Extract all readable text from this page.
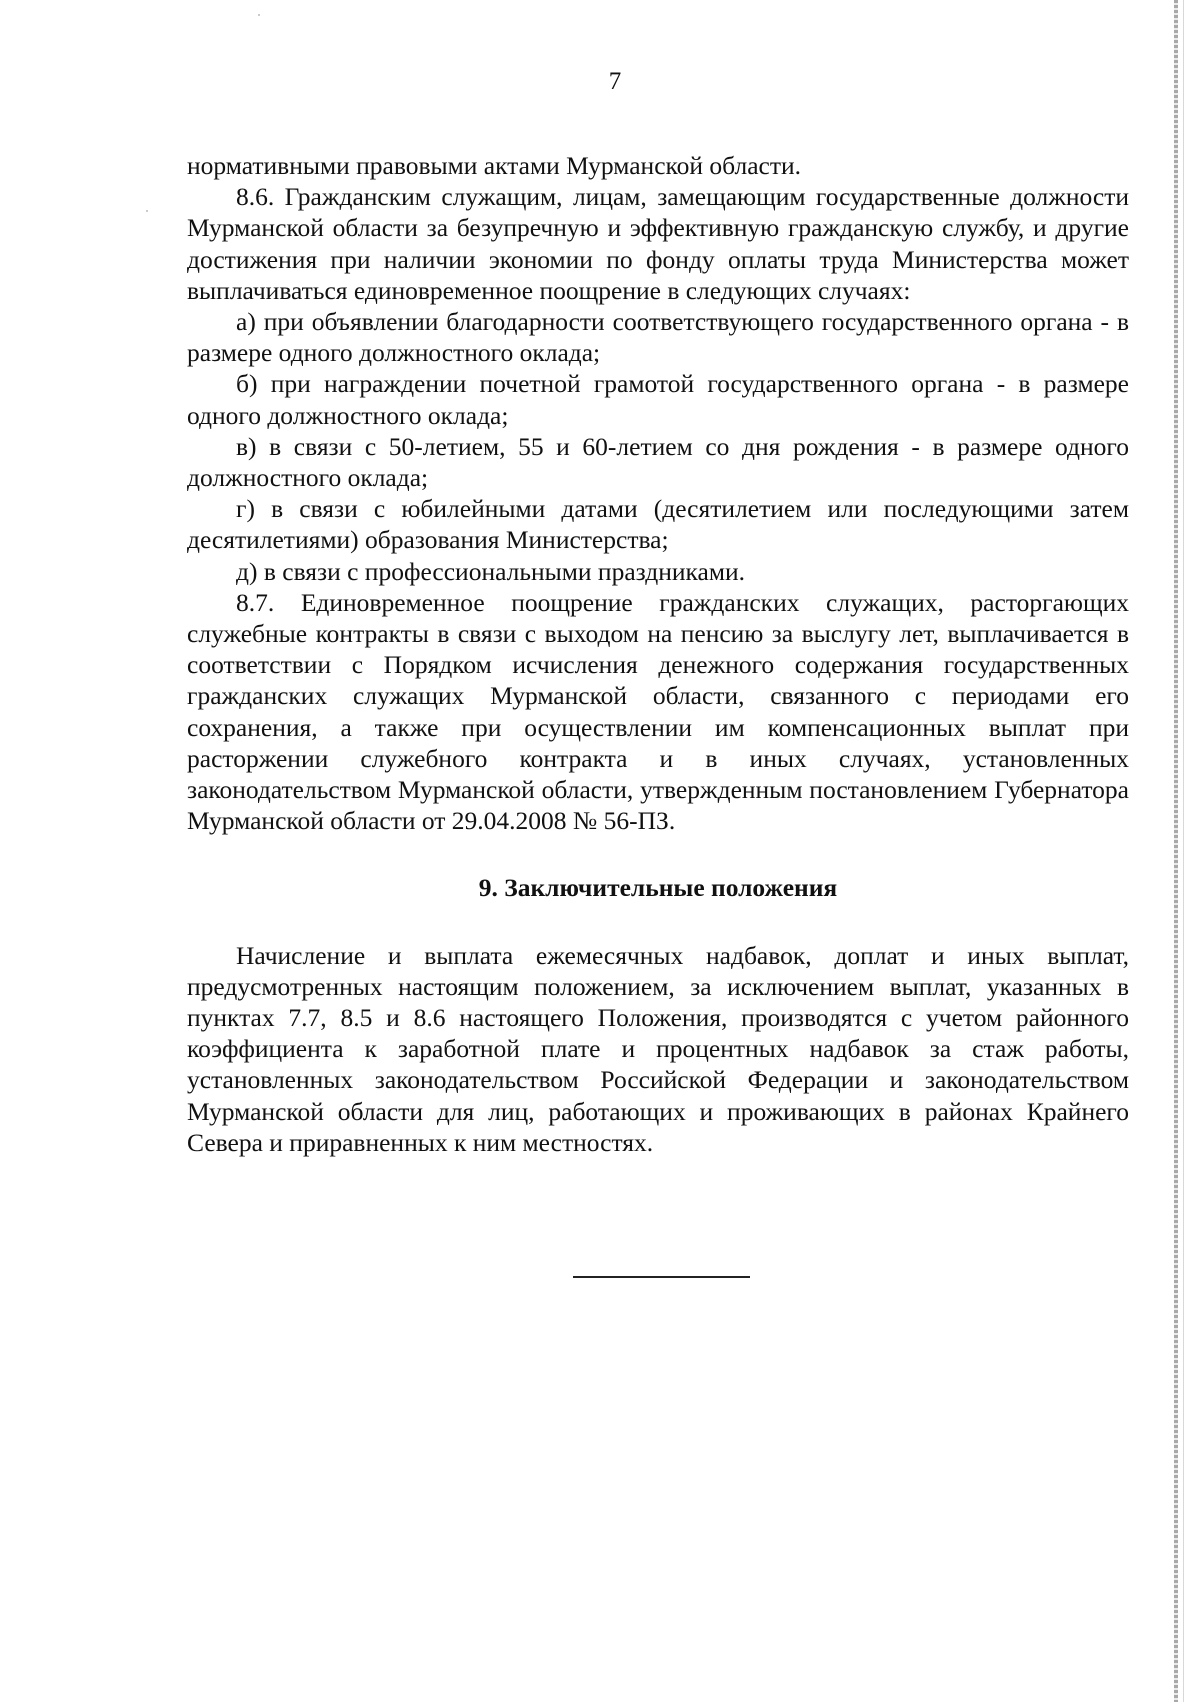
7

нормативными правовыми актами Мурманской области.

8.6. Гражданским служащим, лицам, замещающим государственные должности Мурманской области за безупречную и эффективную гражданскую службу, и другие достижения при наличии экономии по фонду оплаты труда Министерства может выплачиваться единовременное поощрение в следующих случаях:

а) при объявлении благодарности соответствующего государственного органа - в размере одного должностного оклада;

б) при награждении почетной грамотой государственного органа - в размере одного должностного оклада;

в) в связи с 50-летием, 55 и 60-летием со дня рождения - в размере одного должностного оклада;

г) в связи с юбилейными датами (десятилетием или последующими затем десятилетиями) образования Министерства;

д) в связи с профессиональными праздниками.

8.7. Единовременное поощрение гражданских служащих, расторгающих служебные контракты в связи с выходом на пенсию за выслугу лет, выплачивается в соответствии с Порядком исчисления денежного содержания государственных гражданских служащих Мурманской области, связанного с периодами его сохранения, а также при осуществлении им компенсационных выплат при расторжении служебного контракта и в иных случаях, установленных законодательством Мурманской области, утвержденным постановлением Губернатора Мурманской области от 29.04.2008 № 56-ПЗ.

9. Заключительные положения

Начисление и выплата ежемесячных надбавок, доплат и иных выплат, предусмотренных настоящим положением, за исключением выплат, указанных в пунктах 7.7, 8.5 и 8.6 настоящего Положения, производятся с учетом районного коэффициента к заработной плате и процентных надбавок за стаж работы, установленных законодательством Российской Федерации и законодательством Мурманской области для лиц, работающих и проживающих в районах Крайнего Севера и приравненных к ним местностях.
